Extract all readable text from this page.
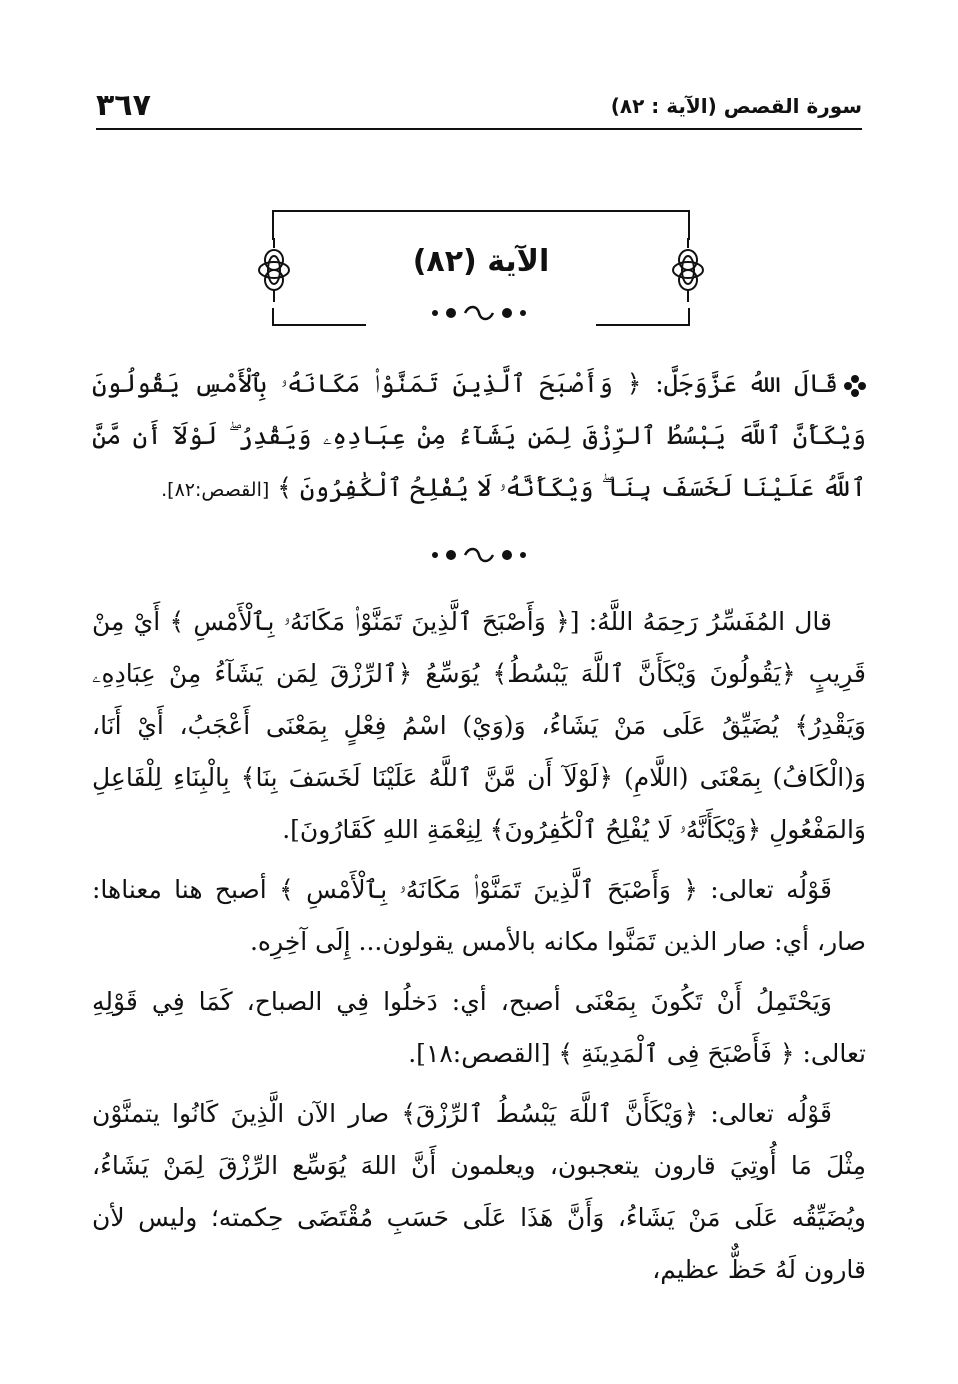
٣٦٧	سورة القصص (الآية : ٨٢)
الآية (٨٢)

قَالَ اللهُ عَزَّوَجَلَّ: ﴿ وَأَصْبَحَ ٱلَّذِينَ تَمَنَّوْا۟ مَكَانَهُۥ بِٱلْأَمْسِ يَقُولُونَ وَيْكَأَنَّ ٱللَّهَ يَبْسُطُ ٱلرِّزْقَ لِمَن يَشَآءُ مِنْ عِبَادِهِۦ وَيَقْدِرُ ۖ لَوْلَآ أَن مَّنَّ ٱللَّهُ عَلَيْنَا لَخَسَفَ بِنَا ۖ وَيْكَأَنَّهُۥ لَا يُفْلِحُ ٱلْكَٰفِرُونَ ﴾ [القصص:٨٢].

قال المُفَسِّرُ رَحِمَهُ اللَّهُ: [﴿ وَأَصْبَحَ ٱلَّذِينَ تَمَنَّوْا۟ مَكَانَهُۥ بِٱلْأَمْسِ ﴾ أَيْ مِنْ قَرِيبٍ ﴿يَقُولُونَ وَيْكَأَنَّ ٱللَّهَ يَبْسُطُ﴾ يُوَسِّعُ ﴿ٱلرِّزْقَ لِمَن يَشَآءُ مِنْ عِبَادِهِۦ وَيَقْدِرُ﴾ يُضَيِّقُ عَلَى مَنْ يَشَاءُ، وَ(وَيْ) اسْمُ فِعْلٍ بِمَعْنَى أَعْجَبُ، أَيْ أَنَا، وَ(الْكَافُ) بِمَعْنَى (اللَّامِ) ﴿لَوْلَآ أَن مَّنَّ ٱللَّهُ عَلَيْنَا لَخَسَفَ بِنَا﴾ بِالْبِنَاءِ لِلْفَاعِلِ وَالمَفْعُولِ ﴿وَيْكَأَنَّهُۥ لَا يُفْلِحُ ٱلْكَٰفِرُونَ﴾ لِنِعْمَةِ اللهِ كَقَارُونَ].

قَوْلُه تعالى: ﴿ وَأَصْبَحَ ٱلَّذِينَ تَمَنَّوْا۟ مَكَانَهُۥ بِٱلْأَمْسِ ﴾ أصبح هنا معناها: صار، أي: صار الذين تَمَنَّوا مكانه بالأمس يقولون... إِلَى آخِرِه.

وَيَحْتَمِلُ أَنْ تَكُونَ بِمَعْنَى أصبح، أي: دَخلُوا فِي الصباح، كَمَا فِي قَوْلِهِ تعالى: ﴿ فَأَصْبَحَ فِى ٱلْمَدِينَةِ ﴾ [القصص:١٨].

قَوْلُه تعالى: ﴿وَيْكَأَنَّ ٱللَّهَ يَبْسُطُ ٱلرِّزْقَ﴾ صار الآن الَّذِينَ كَانُوا يتمنَّوْن مِثْلَ مَا أُوتِيَ قارون يتعجبون، ويعلمون أَنَّ اللهَ يُوَسِّع الرِّزْقَ لِمَنْ يَشَاءُ، ويُضَيِّقُه عَلَى مَنْ يَشَاءُ، وَأَنَّ هَذَا عَلَى حَسَبِ مُقْتَضَى حِكمته؛ وليس لأن قارون لَهُ حَظٌّ عظيم،
